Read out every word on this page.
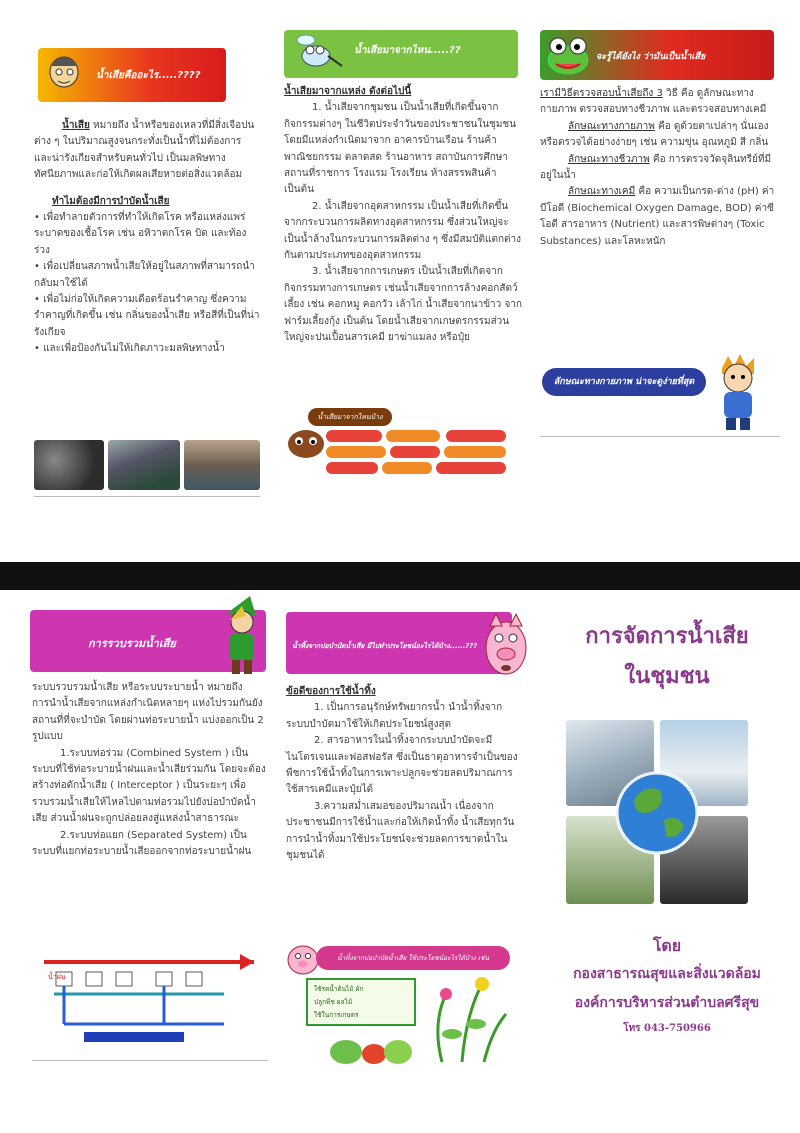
น้ำเสียคืออะไร.....????

น้ำเสีย หมายถึง น้ำหรือของเหลวที่มีสิ่งเจือปนต่าง ๆ ในปริมาณสูงจนกระทั่งเป็นน้ำที่ไม่ต้องการ และน่ารังเกียจสำหรับคนทั่วไป เป็นมลพิษทางทัศนียภาพและก่อให้เกิดผลเสียหายต่อสิ่งแวดล้อม

ทำไมต้องมีการบำบัดน้ำเสีย

• เพื่อทำลายตัวการที่ทำให้เกิดโรค หรือแหล่งแพร่ระบาดของเชื้อโรค เช่น อหิวาตกโรค บิด และท้องร่วง

• เพื่อเปลี่ยนสภาพน้ำเสียให้อยู่ในสภาพที่สามารถนำกลับมาใช้ได้

• เพื่อไม่ก่อให้เกิดความเดือดร้อนรำคาญ ซึ่งความรำคาญที่เกิดขึ้น เช่น กลิ่นของน้ำเสีย หรือสีที่เป็นที่น่ารังเกียจ

• และเพื่อป้องกันไม่ให้เกิดภาวะมลพิษทางน้ำ

น้ำเสียมาจากไหน.....??

น้ำเสียมาจากแหล่ง ดังต่อไปนี้

1. น้ำเสียจากชุมชน เป็นน้ำเสียที่เกิดขึ้นจากกิจกรรมต่างๆ ในชีวิตประจำวันของประชาชนในชุมชน โดยมีแหล่งกำเนิดมาจาก อาคารบ้านเรือน ร้านค้าพาณิชยกรรม ตลาดสด ร้านอาหาร สถาบันการศึกษา สถานที่ราชการ โรงแรม โรงเรียน ห้างสรรพสินค้า เป็นต้น

2. น้ำเสียจากอุตสาหกรรม เป็นน้ำเสียที่เกิดขึ้นจากกระบวนการผลิตทางอุตสาหกรรม ซึ่งส่วนใหญ่จะเป็นน้ำล้างในกระบวนการผลิตต่าง ๆ ซึ่งมีสมบัติแตกต่างกันตามประเภทของอุตสาหกรรม

3. น้ำเสียจากการเกษตร เป็นน้ำเสียที่เกิดจากกิจกรรมทางการเกษตร เช่นน้ำเสียจากการล้างคอกสัตว์เลี้ยง เช่น คอกหมู คอกวัว เล้าไก่ น้ำเสียจากนาข้าว จากฟาร์มเลี้ยงกุ้ง เป็นต้น โดยน้ำเสียจากเกษตรกรรมส่วนใหญ่จะปนเปื้อนสารเคมี ยาฆ่าแมลง หรือปุ๋ย

น้ำเสียมาจากไหนบ้าง
จะรู้ได้ยังไง ว่ามันเป็นน้ำเสีย

เรามีวิธีตรวจสอบน้ำเสียถึง 3 วิธี คือ ดูลักษณะทางกายภาพ ตรวจสอบทางชีวภาพ และตรวจสอบทางเคมี

ลักษณะทางกายภาพ คือ ดูด้วยตาเปล่าๆ นั่นเอง หรือตรวจได้อย่างง่ายๆ เช่น ความขุ่น อุณหภูมิ สี กลิ่น

ลักษณะทางชีวภาพ คือ การตรวจวัดจุลินทรีย์ที่มีอยู่ในน้ำ

ลักษณะทางเคมี คือ ความเป็นกรด-ด่าง (pH) ค่าบีโอดี (Biochemical Oxygen Damage, BOD) ค่าซีโอดี สารอาหาร (Nutrient) และสารพิษต่างๆ (Toxic Substances) และโลหะหนัก

ลักษณะทางกายภาพ น่าจะดูง่ายที่สุด
การรวบรวมน้ำเสีย

ระบบรวบรวมน้ำเสีย หรือระบบระบายน้ำ หมายถึง การนำน้ำเสียจากแหล่งกำเนิดหลายๆ แห่งไปรวมกันยังสถานที่ที่จะบำบัด โดยผ่านท่อระบายน้ำ แบ่งออกเป็น 2 รูปแบบ

1.ระบบท่อร่วม (Combined System ) เป็นระบบที่ใช้ท่อระบายน้ำฝนและน้ำเสียร่วมกัน โดยจะต้องสร้างท่อดักน้ำเสีย ( Interceptor ) เป็นระยะๆ เพื่อรวบรวมน้ำเสียให้ไหลไปตามท่อรวมไปยังบ่อบำบัดน้ำเสีย ส่วนน้ำฝนจะถูกปล่อยลงสู่แหล่งน้ำสาธารณะ

2.ระบบท่อแยก (Separated System) เป็นระบบที่แยกท่อระบายน้ำเสียออกจากท่อระบายน้ำฝน

น้ำฝน
น้ำทิ้งจากบ่อบำบัดน้ำเสีย มีไปทำประโยชน์อะไรได้บ้าง......???

ข้อดีของการใช้น้ำทิ้ง

1. เป็นการอนุรักษ์ทรัพยากรน้ำ นำน้ำทิ้งจากระบบบำบัดมาใช้ให้เกิดประโยชน์สูงสุด

2. สารอาหารในน้ำทิ้งจากระบบบำบัดจะมีไนโตรเจนและฟอสฟอรัส ซึ่งเป็นธาตุอาหารจำเป็นของพืชการใช้น้ำทิ้งในการเพาะปลูกจะช่วยลดปริมาณการใช้สารเคมีและปุ๋ยได้

3.ความสม่ำเสมอของปริมาณน้ำ เนื่องจากประชาชนมีการใช้น้ำและก่อให้เกิดน้ำทิ้ง น้ำเสียทุกวัน การนำน้ำทิ้งมาใช้ประโยชน์จะช่วยลดการขาดน้ำในชุมชนได้

น้ำทิ้งจากบ่อบำบัดน้ำเสีย ใช้ประโยชน์อะไรได้บ้าง เช่น
ใช้รดน้ำต้นไม้ ผัก
ปลูกพืช ผลไม้
ใช้ในการเกษตร
การจัดการน้ำเสีย
ในชุมชน
โดย
กองสาธารณสุขและสิ่งแวดล้อม
องค์การบริหารส่วนตำบลศรีสุข
โทร 043-750966
